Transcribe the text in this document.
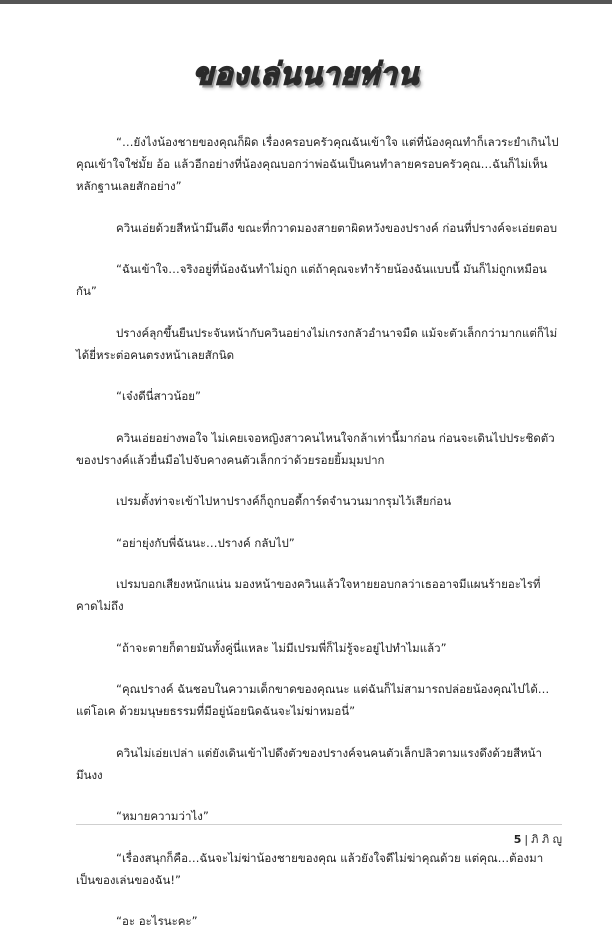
ของเล่นนายท่าน

“…ยังไงน้องชายของคุณก็ผิด เรื่องครอบครัวคุณฉันเข้าใจ แต่ที่น้องคุณทำก็เลวระยำเกินไป คุณเข้าใจใช่มั้ย อ้อ แล้วอีกอย่างที่น้องคุณบอกว่าพ่อฉันเป็นคนทำลายครอบครัวคุณ…ฉันก็ไม่เห็นหลักฐานเลยสักอย่าง”

ควินเอ่ยด้วยสีหน้ามึนตึง ขณะที่กวาดมองสายตาผิดหวังของปรางค์ ก่อนที่ปรางค์จะเอ่ยตอบ

“ฉันเข้าใจ…จริงอยู่ที่น้องฉันทำไม่ถูก แต่ถ้าคุณจะทำร้ายน้องฉันแบบนี้ มันก็ไม่ถูกเหมือนกัน”

ปรางค์ลุกขึ้นยืนประจันหน้ากับควินอย่างไม่เกรงกลัวอำนาจมืด แม้จะตัวเล็กกว่ามากแต่ก็ไม่ได้ยี่หระต่อคนตรงหน้าเลยสักนิด

“เจ๋งดีนี่สาวน้อย”

ควินเอ่ยอย่างพอใจ ไม่เคยเจอหญิงสาวคนไหนใจกล้าเท่านี้มาก่อน ก่อนจะเดินไปประชิดตัวของปรางค์แล้วยื่นมือไปจับคางคนตัวเล็กกว่าด้วยรอยยิ้มมุมปาก

เปรมตั้งท่าจะเข้าไปหาปรางค์ก็ถูกบอดี้การ์ดจำนวนมากรุมไว้เสียก่อน

“อย่ายุ่งกับพี่ฉันนะ…ปรางค์ กลับไป”

เปรมบอกเสียงหนักแน่น มองหน้าของควินแล้วใจหายยอบกลว่าเธออาจมีแผนร้ายอะไรที่คาดไม่ถึง

“ถ้าจะตายก็ตายมันทั้งคู่นี่แหละ ไม่มีเปรมพี่ก็ไม่รู้จะอยู่ไปทำไมแล้ว”

“คุณปรางค์ ฉันชอบในความเด็กขาดของคุณนะ แต่ฉันก็ไม่สามารถปล่อยน้องคุณไปได้…แต่โอเค ด้วยมนุษยธรรมที่มีอยู่น้อยนิดฉันจะไม่ฆ่าหมอนี่”

ควินไม่เอ่ยเปล่า แต่ยังเดินเข้าไปดึงตัวของปรางค์จนคนตัวเล็กปลิวตามแรงดึงด้วยสีหน้ามึนงง

“หมายความว่าไง”

“เรื่องสนุกก็คือ…ฉันจะไม่ฆ่าน้องชายของคุณ แล้วยังใจดีไม่ฆ่าคุณด้วย แต่คุณ…ต้องมาเป็นของเล่นของฉัน!”

“อะ อะไรนะคะ”

5 | ภิ ภิ ญู
